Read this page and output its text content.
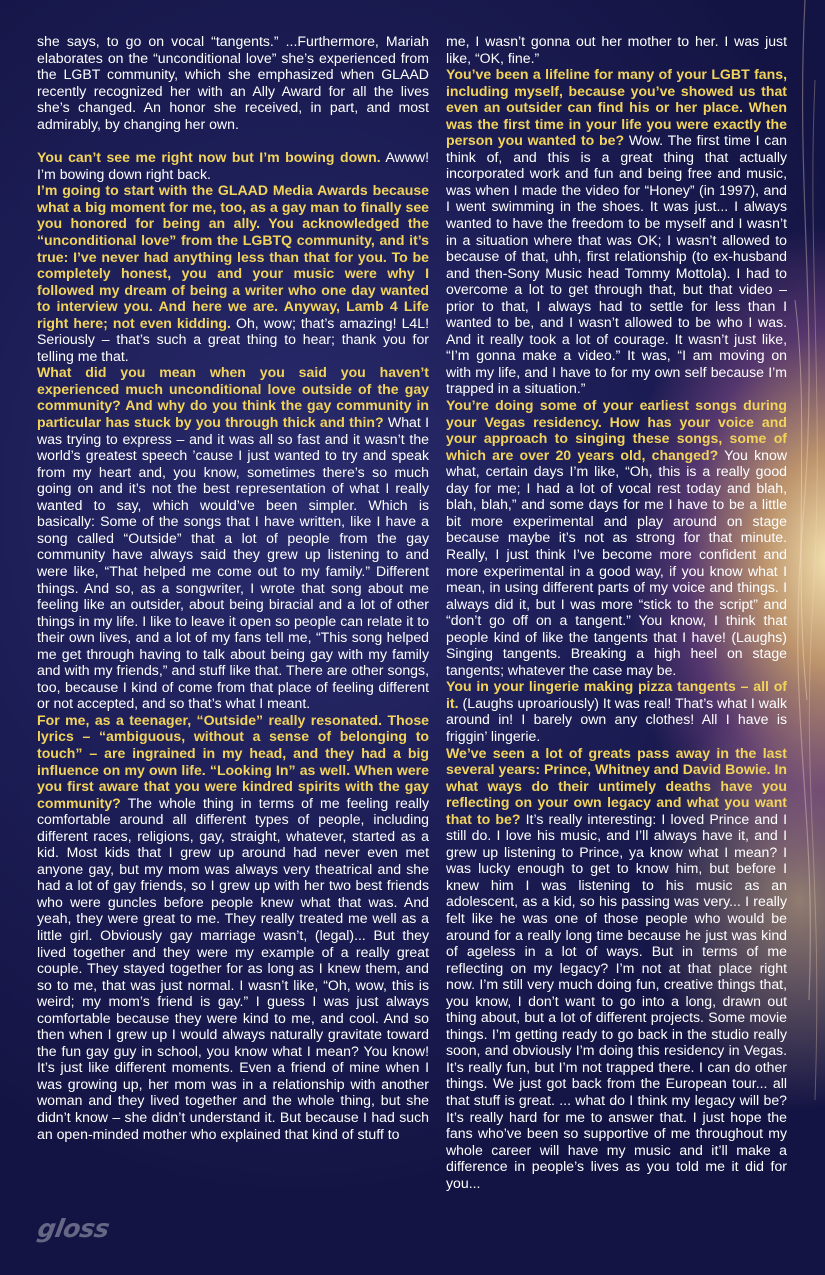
she says, to go on vocal “tangents.” ...Furthermore, Mariah elaborates on the “unconditional love” she’s experienced from the LGBT community, which she emphasized when GLAAD recently recognized her with an Ally Award for all the lives she’s changed. An honor she received, in part, and most admirably, by changing her own.

You can’t see me right now but I’m bowing down. Awww! I’m bowing down right back.

I’m going to start with the GLAAD Media Awards because what a big moment for me, too, as a gay man to finally see you honored for being an ally. You acknowledged the “unconditional love” from the LGBTQ community, and it’s true: I’ve never had anything less than that for you. To be completely honest, you and your music were why I followed my dream of being a writer who one day wanted to interview you. And here we are. Anyway, Lamb 4 Life right here; not even kidding. Oh, wow; that’s amazing! L4L! Seriously – that’s such a great thing to hear; thank you for telling me that.

What did you mean when you said you haven’t experienced much unconditional love outside of the gay community? And why do you think the gay community in particular has stuck by you through thick and thin? What I was trying to express – and it was all so fast and it wasn’t the world’s greatest speech ’cause I just wanted to try and speak from my heart and, you know, sometimes there’s so much going on and it’s not the best representation of what I really wanted to say, which would’ve been simpler. Which is basically: Some of the songs that I have written, like I have a song called “Outside” that a lot of people from the gay community have always said they grew up listening to and were like, “That helped me come out to my family.” Different things. And so, as a songwriter, I wrote that song about me feeling like an outsider, about being biracial and a lot of other things in my life. I like to leave it open so people can relate it to their own lives, and a lot of my fans tell me, “This song helped me get through having to talk about being gay with my family and with my friends,” and stuff like that. There are other songs, too, because I kind of come from that place of feeling different or not accepted, and so that’s what I meant.

For me, as a teenager, “Outside” really resonated. Those lyrics – “ambiguous, without a sense of belonging to touch” – are ingrained in my head, and they had a big influence on my own life. “Looking In” as well. When were you first aware that you were kindred spirits with the gay community? The whole thing in terms of me feeling really comfortable around all different types of people, including different races, religions, gay, straight, whatever, started as a kid. Most kids that I grew up around had never even met anyone gay, but my mom was always very theatrical and she had a lot of gay friends, so I grew up with her two best friends who were guncles before people knew what that was. And yeah, they were great to me. They really treated me well as a little girl. Obviously gay marriage wasn’t, (legal)... But they lived together and they were my example of a really great couple. They stayed together for as long as I knew them, and so to me, that was just normal. I wasn’t like, “Oh, wow, this is weird; my mom’s friend is gay.” I guess I was just always comfortable because they were kind to me, and cool. And so then when I grew up I would always naturally gravitate toward the fun gay guy in school, you know what I mean? You know! It’s just like different moments. Even a friend of mine when I was growing up, her mom was in a relationship with another woman and they lived together and the whole thing, but she didn’t know – she didn’t understand it. But because I had such an open-minded mother who explained that kind of stuff to

me, I wasn’t gonna out her mother to her. I was just like, “OK, fine.”

You’ve been a lifeline for many of your LGBT fans, including myself, because you’ve showed us that even an outsider can find his or her place. When was the first time in your life you were exactly the person you wanted to be? Wow. The first time I can think of, and this is a great thing that actually incorporated work and fun and being free and music, was when I made the video for “Honey” (in 1997), and I went swimming in the shoes. It was just... I always wanted to have the freedom to be myself and I wasn’t in a situation where that was OK; I wasn’t allowed to because of that, uhh, first relationship (to ex-husband and then-Sony Music head Tommy Mottola). I had to overcome a lot to get through that, but that video – prior to that, I always had to settle for less than I wanted to be, and I wasn’t allowed to be who I was. And it really took a lot of courage. It wasn’t just like, “I’m gonna make a video.” It was, “I am moving on with my life, and I have to for my own self because I’m trapped in a situation.”

You’re doing some of your earliest songs during your Vegas residency. How has your voice and your approach to singing these songs, some of which are over 20 years old, changed? You know what, certain days I’m like, “Oh, this is a really good day for me; I had a lot of vocal rest today and blah, blah, blah,” and some days for me I have to be a little bit more experimental and play around on stage because maybe it’s not as strong for that minute. Really, I just think I’ve become more confident and more experimental in a good way, if you know what I mean, in using different parts of my voice and things. I always did it, but I was more “stick to the script” and “don’t go off on a tangent.” You know, I think that people kind of like the tangents that I have! (Laughs) Singing tangents. Breaking a high heel on stage tangents; whatever the case may be.

You in your lingerie making pizza tangents – all of it. (Laughs uproariously) It was real! That’s what I walk around in! I barely own any clothes! All I have is friggin’ lingerie.

We’ve seen a lot of greats pass away in the last several years: Prince, Whitney and David Bowie. In what ways do their untimely deaths have you reflecting on your own legacy and what you want that to be? It’s really interesting: I loved Prince and I still do. I love his music, and I’ll always have it, and I grew up listening to Prince, ya know what I mean? I was lucky enough to get to know him, but before I knew him I was listening to his music as an adolescent, as a kid, so his passing was very... I really felt like he was one of those people who would be around for a really long time because he just was kind of ageless in a lot of ways. But in terms of me reflecting on my legacy? I’m not at that place right now. I’m still very much doing fun, creative things that, you know, I don’t want to go into a long, drawn out thing about, but a lot of different projects. Some movie things. I’m getting ready to go back in the studio really soon, and obviously I’m doing this residency in Vegas. It’s really fun, but I’m not trapped there. I can do other things. We just got back from the European tour... all that stuff is great. ... what do I think my legacy will be? It’s really hard for me to answer that. I just hope the fans who’ve been so supportive of me throughout my whole career will have my music and it’ll make a difference in people’s lives as you told me it did for you...

gloss
